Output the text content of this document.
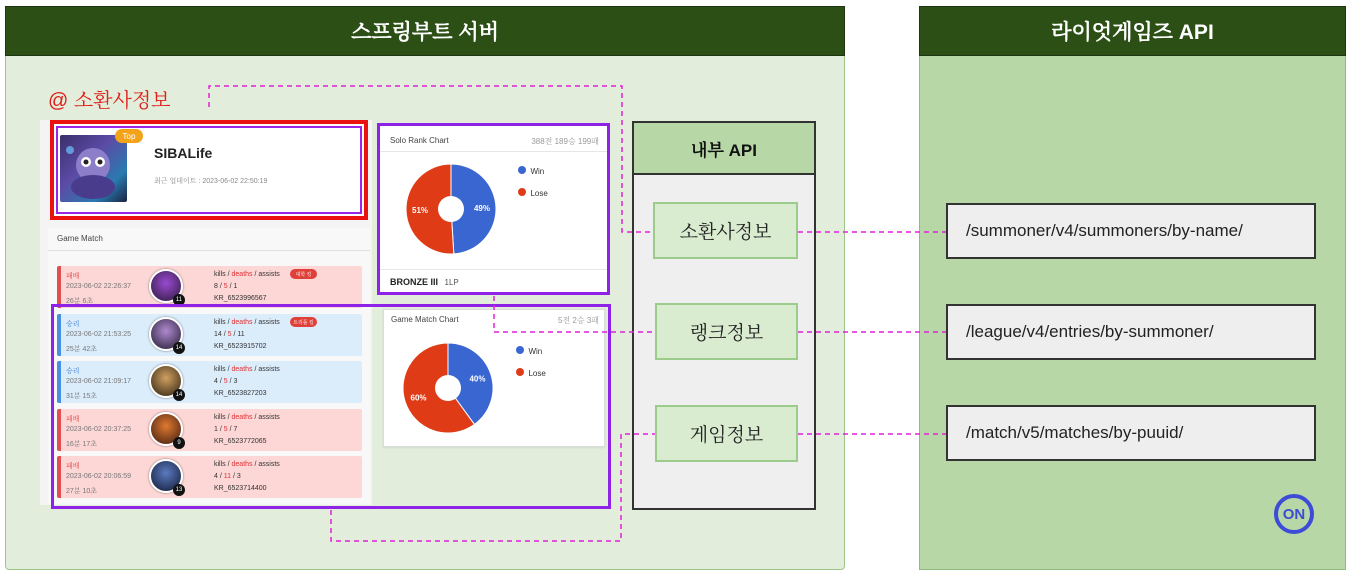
스프링부트 서버
@ 소환사정보
Top
SIBALife
최근 업데이트 : 2023-06-02 22:50:19
Game Match
패배
2023-06-02 22:26:37
26분 6초	11
kills / deaths / assists
8 / 5 / 1
KR_6523996567
대학 킹
승리
2023-06-02 21:53:25
25분 42초	14
kills / deaths / assists
14 / 5 / 11
KR_6523915702
트리플 킬
승리
2023-06-02 21:09:17
31분 15초	14
kills / deaths / assists
4 / 5 / 3
KR_6523827203
패배
2023-06-02 20:37:25
16분 17초	9
kills / deaths / assists
1 / 5 / 7
KR_6523772065
패배
2023-06-02 20:06:59
27분 10초	13
kills / deaths / assists
4 / 11 / 3
KR_6523714400
Solo Rank Chart	388전 189승 199패
49%
51%
Win
Lose
BRONZE III 1LP
Game Match Chart	5전 2승 3패
40%
60%
Win
Lose
내부 API
소환사정보
랭크정보
게임정보
라이엇게임즈 API
/summoner/v4/summoners/by-name/
/league/v4/entries/by-summoner/
/match/v5/matches/by-puuid/
ON
